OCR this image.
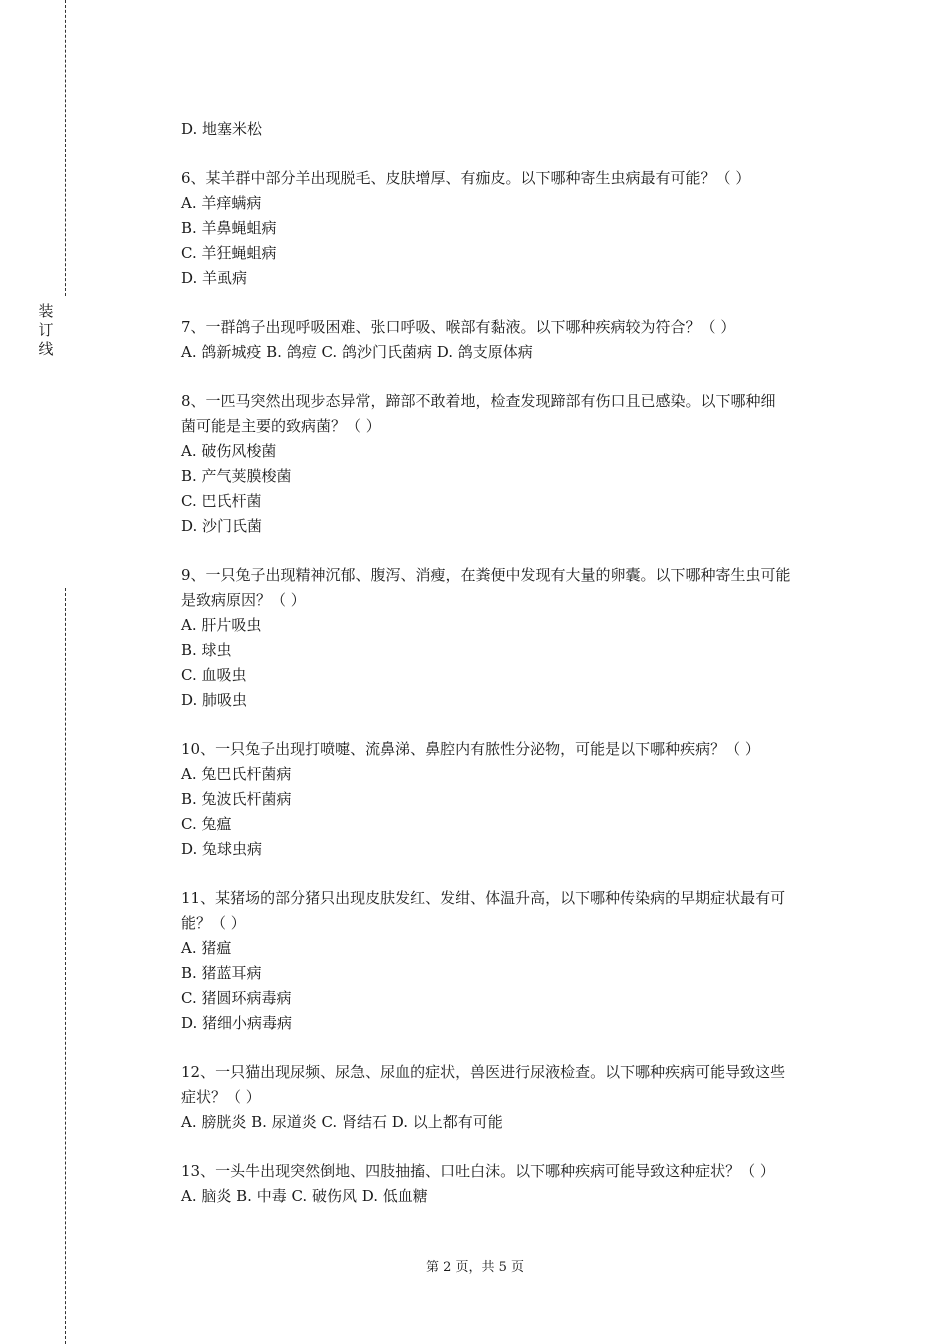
装
订
线
D. 地塞米松
6、某羊群中部分羊出现脱毛、皮肤增厚、有痂皮。以下哪种寄生虫病最有可能？（ ）
A. 羊痒螨病
B. 羊鼻蝇蛆病
C. 羊狂蝇蛆病
D. 羊虱病
7、一群鸽子出现呼吸困难、张口呼吸、喉部有黏液。以下哪种疾病较为符合？（ ）
A. 鸽新城疫 B. 鸽痘 C. 鸽沙门氏菌病 D. 鸽支原体病
8、一匹马突然出现步态异常，蹄部不敢着地，检查发现蹄部有伤口且已感染。以下哪种细
菌可能是主要的致病菌？（ ）
A. 破伤风梭菌
B. 产气荚膜梭菌
C. 巴氏杆菌
D. 沙门氏菌
9、一只兔子出现精神沉郁、腹泻、消瘦，在粪便中发现有大量的卵囊。以下哪种寄生虫可能
是致病原因？（ ）
A. 肝片吸虫
B. 球虫
C. 血吸虫
D. 肺吸虫
10、一只兔子出现打喷嚏、流鼻涕、鼻腔内有脓性分泌物，可能是以下哪种疾病？（ ）
A. 兔巴氏杆菌病
B. 兔波氏杆菌病
C. 兔瘟
D. 兔球虫病
11、某猪场的部分猪只出现皮肤发红、发绀、体温升高，以下哪种传染病的早期症状最有可
能？（ ）
A. 猪瘟
B. 猪蓝耳病
C. 猪圆环病毒病
D. 猪细小病毒病
12、一只猫出现尿频、尿急、尿血的症状，兽医进行尿液检查。以下哪种疾病可能导致这些
症状？（ ）
A. 膀胱炎 B. 尿道炎 C. 肾结石 D. 以上都有可能
13、一头牛出现突然倒地、四肢抽搐、口吐白沫。以下哪种疾病可能导致这种症状？（ ）
A. 脑炎 B. 中毒 C. 破伤风 D. 低血糖
第 2 页，共 5 页
